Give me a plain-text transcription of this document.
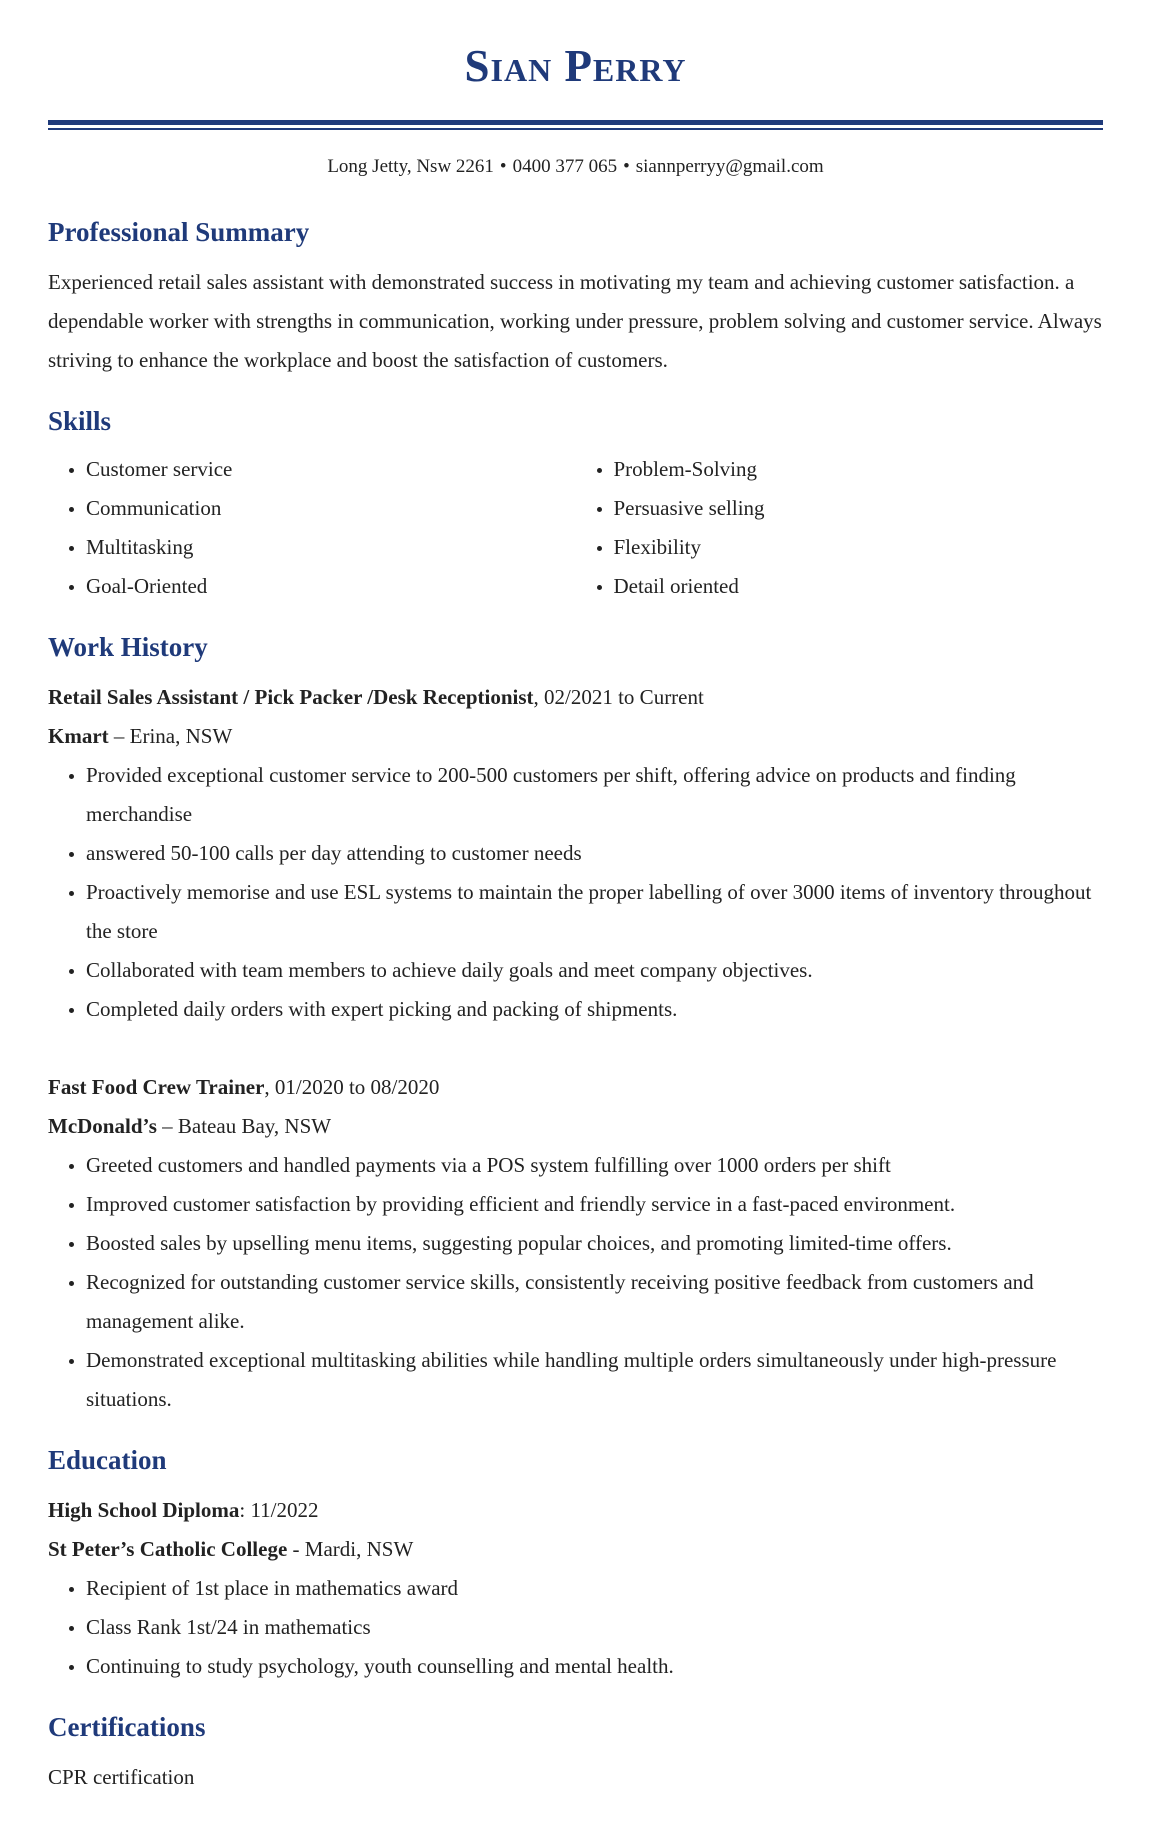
Sian Perry
Long Jetty, Nsw 2261 • 0400 377 065 • siannperryy@gmail.com
Professional Summary

Experienced retail sales assistant with demonstrated success in motivating my team and achieving customer satisfaction. a dependable worker with strengths in communication, working under pressure, problem solving and customer service. Always striving to enhance the workplace and boost the satisfaction of customers.

Skills
• Customer service
• Communication
• Multitasking
• Goal-Oriented
• Problem-Solving
• Persuasive selling
• Flexibility
• Detail oriented
Work History

Retail Sales Assistant / Pick Packer /Desk Receptionist, 02/2021 to Current

Kmart – Erina, NSW

• Provided exceptional customer service to 200-500 customers per shift, offering advice on products and finding merchandise
• answered 50-100 calls per day attending to customer needs
• Proactively memorise and use ESL systems to maintain the proper labelling of over 3000 items of inventory throughout the store
• Collaborated with team members to achieve daily goals and meet company objectives.
• Completed daily orders with expert picking and packing of shipments.

Fast Food Crew Trainer, 01/2020 to 08/2020

McDonald’s – Bateau Bay, NSW

• Greeted customers and handled payments via a POS system fulfilling over 1000 orders per shift
• Improved customer satisfaction by providing efficient and friendly service in a fast-paced environment.
• Boosted sales by upselling menu items, suggesting popular choices, and promoting limited-time offers.
• Recognized for outstanding customer service skills, consistently receiving positive feedback from customers and management alike.
• Demonstrated exceptional multitasking abilities while handling multiple orders simultaneously under high-pressure situations.
Education

High School Diploma: 11/2022

St Peter’s Catholic College - Mardi, NSW

• Recipient of 1st place in mathematics award
• Class Rank 1st/24 in mathematics
• Continuing to study psychology, youth counselling and mental health.
Certifications

CPR certification
